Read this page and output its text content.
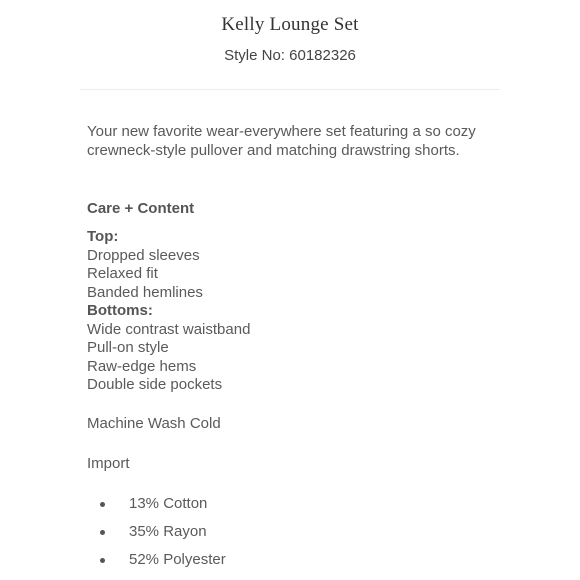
Kelly Lounge Set
Style No: 60182326
Your new favorite wear-everywhere set featuring a so cozy crewneck-style pullover and matching drawstring shorts.
Care + Content
Top:
Dropped sleeves
Relaxed fit
Banded hemlines
Bottoms:
Wide contrast waistband
Pull-on style
Raw-edge hems
Double side pockets
Machine Wash Cold
Import
13% Cotton
35% Rayon
52% Polyester
